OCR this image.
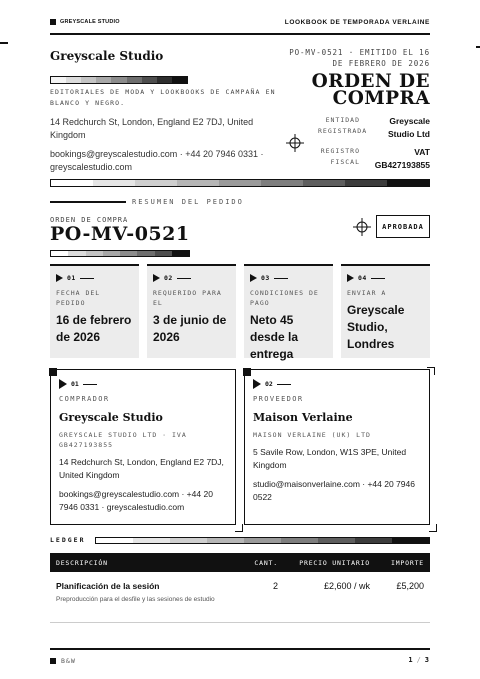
GREYSCALE STUDIO	LOOKBOOK DE TEMPORADA VERLAINE
Greyscale Studio
EDITORIALES DE MODA Y LOOKBOOKS DE CAMPAÑA EN BLANCO Y NEGRO.
14 Redchurch St, London, England E2 7DJ, United Kingdom
bookings@greyscalestudio.com · +44 20 7946 0331 · greyscalestudio.com
PO-MV-0521 · EMITIDO EL 16 DE FEBRERO DE 2026
ORDEN DE
COMPRA
ENTIDAD REGISTRADA
Greyscale Studio Ltd
REGISTRO FISCAL
VAT GB427193855
RESUMEN DEL PEDIDO
ORDEN DE COMPRA
PO-MV-0521	APROBADA
01
FECHA DEL PEDIDO
16 de febrero de 2026
02
REQUERIDO PARA EL
3 de junio de 2026
03
CONDICIONES DE PAGO
Neto 45 desde la entrega
04
ENVIAR A
Greyscale Studio, Londres
01
COMPRADOR
Greyscale Studio
GREYSCALE STUDIO LTD · IVA GB427193855
14 Redchurch St, London, England E2 7DJ, United Kingdom
bookings@greyscalestudio.com · +44 20 7946 0331 · greyscalestudio.com
02
PROVEEDOR
Maison Verlaine
MAISON VERLAINE (UK) LTD
5 Savile Row, London, W1S 3PE, United Kingdom
studio@maisonverlaine.com · +44 20 7946 0522
LEDGER
DESCRIPCIÓN	CANT.	PRECIO UNITARIO	IMPORTE
Planificación de la sesión
Preproducción para el desfile y las sesiones de estudio
2	£2,600 / wk	£5,200
B&W	1 / 3
